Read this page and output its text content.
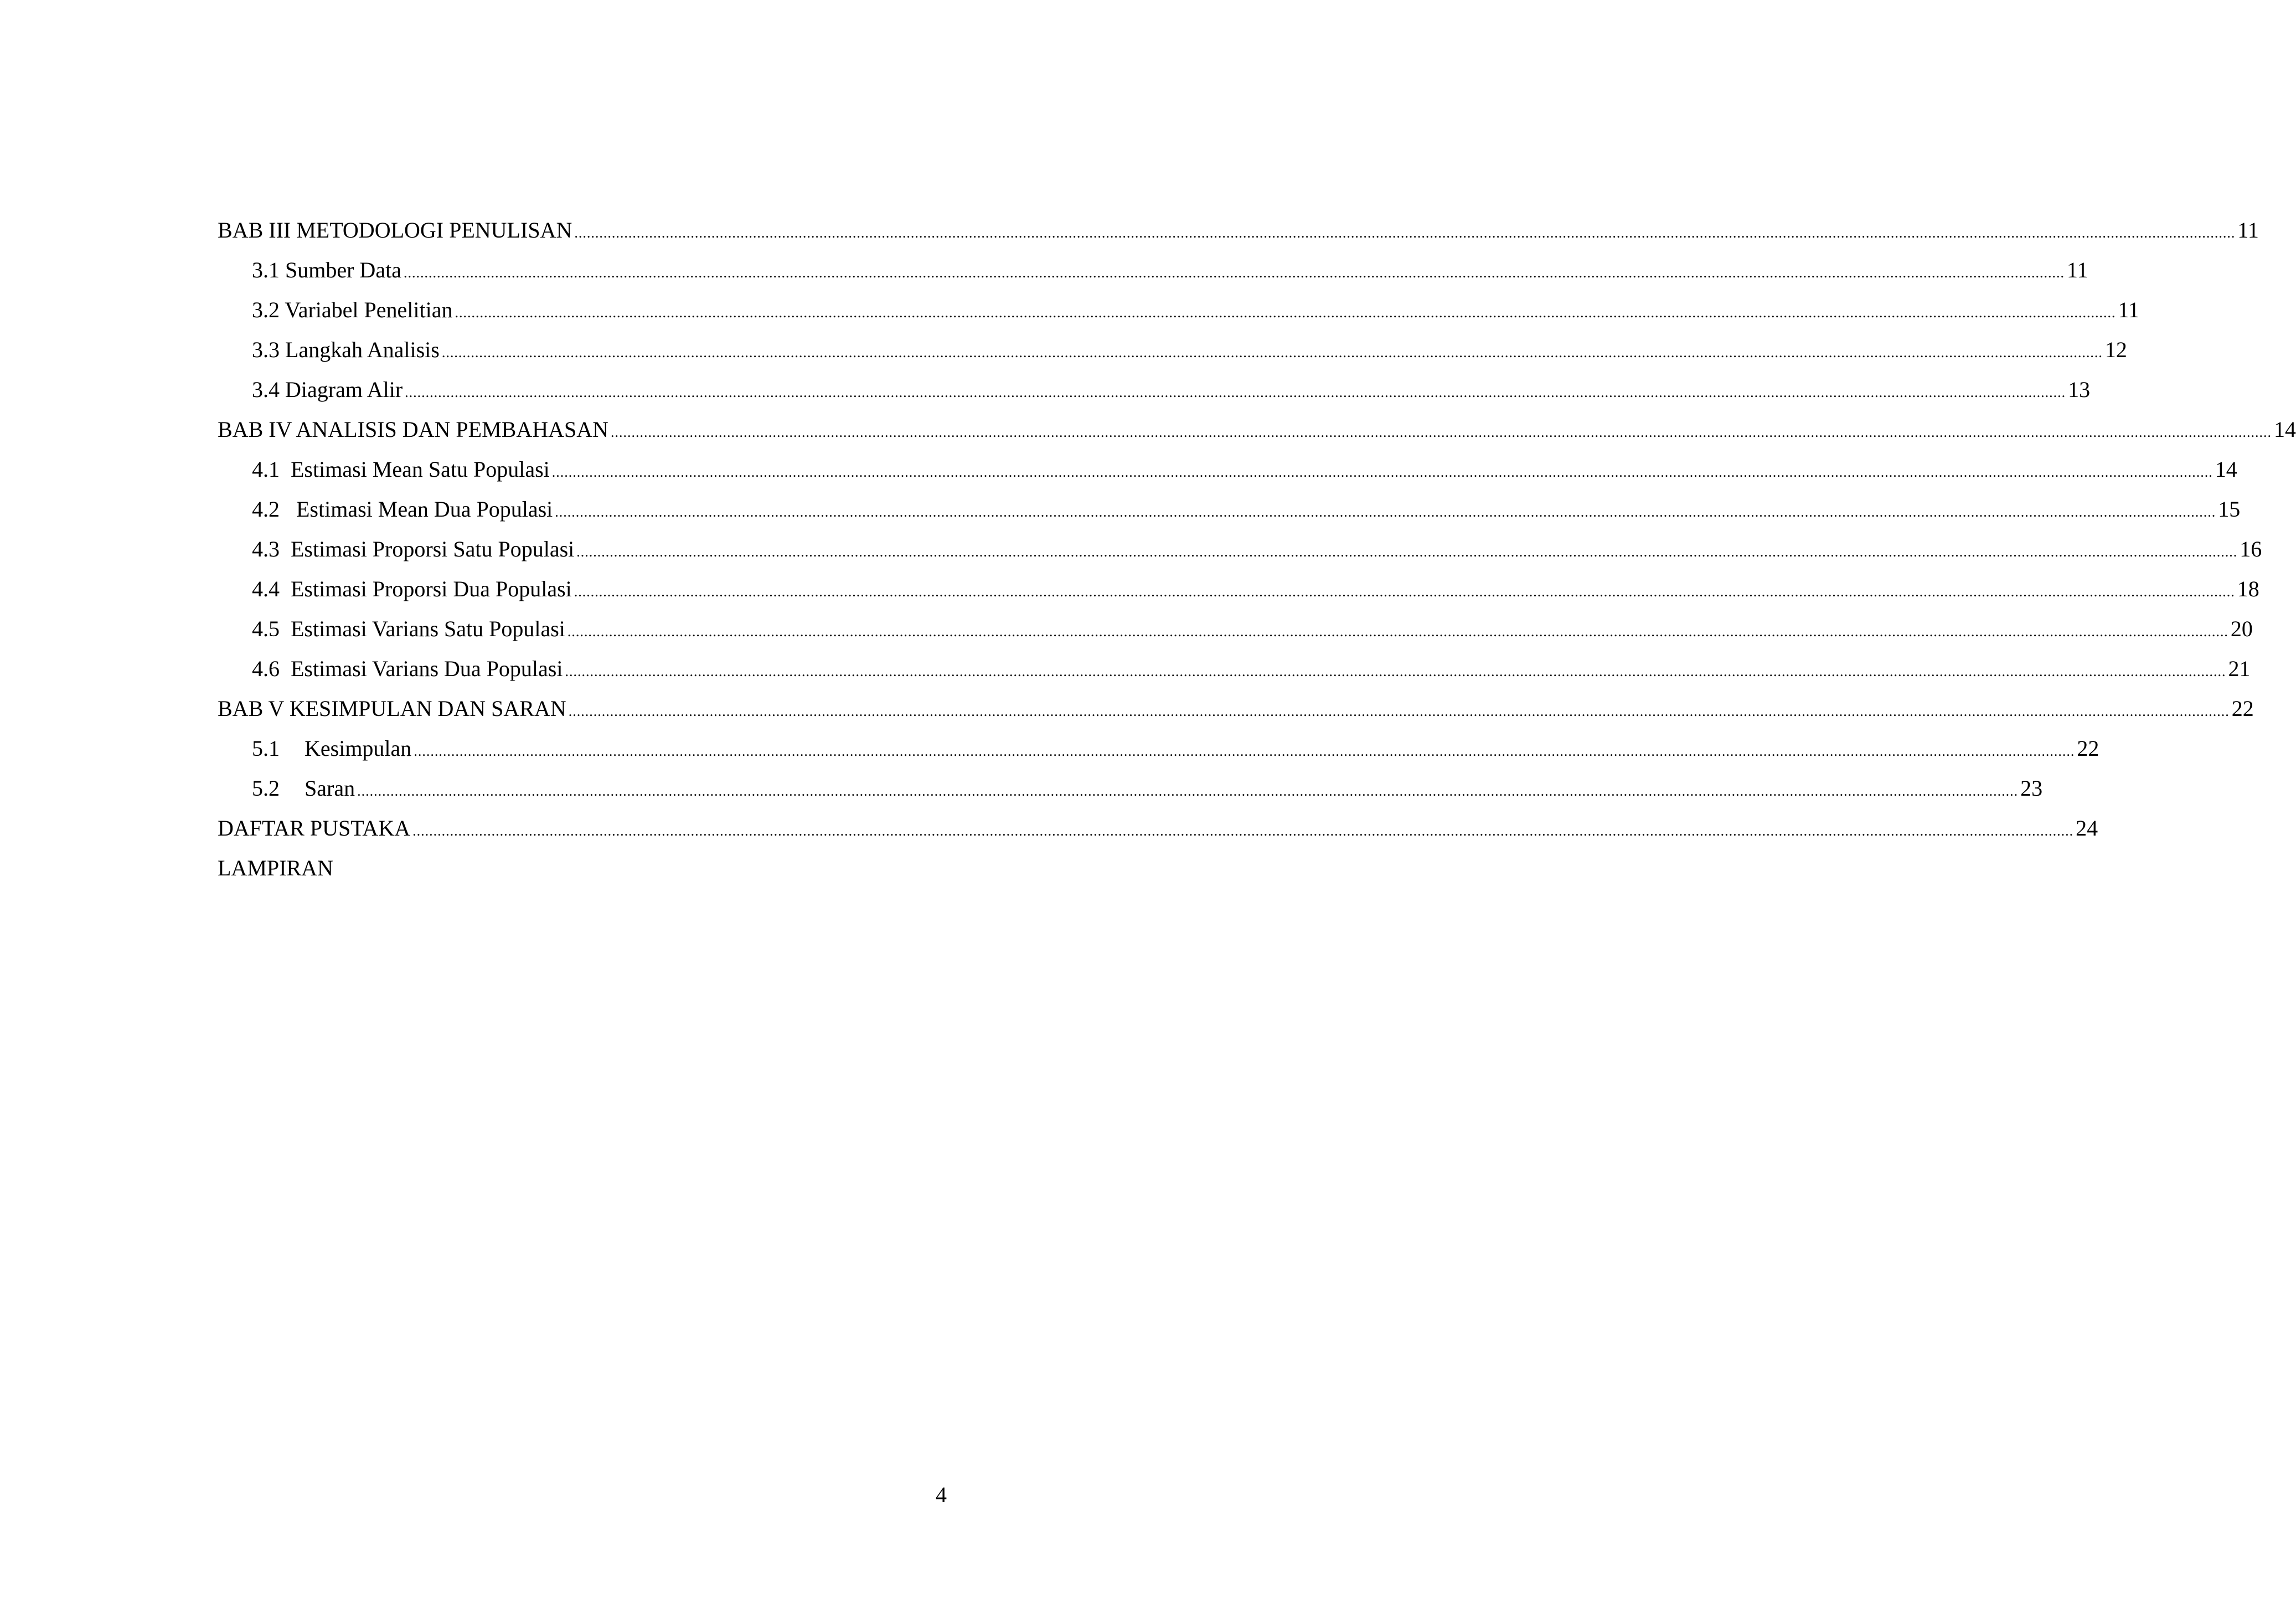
BAB III METODOLOGI PENULISAN ................................................................................................................................................................................................................................................................................................................................................................................................................ 11
3.1 Sumber Data ................................................................................................................................................................................................................................................................................................................................................................................................................ 11
3.2 Variabel Penelitian ................................................................................................................................................................................................................................................................................................................................................................................................................ 11
3.3 Langkah Analisis ................................................................................................................................................................................................................................................................................................................................................................................................................ 12
3.4 Diagram Alir ................................................................................................................................................................................................................................................................................................................................................................................................................ 13
BAB IV ANALISIS DAN PEMBAHASAN ................................................................................................................................................................................................................................................................................................................................................................................................................ 14
4.1 Estimasi Mean Satu Populasi ................................................................................................................................................................................................................................................................................................................................................................................................................ 14
4.2 Estimasi Mean Dua Populasi ................................................................................................................................................................................................................................................................................................................................................................................................................ 15
4.3 Estimasi Proporsi Satu Populasi ................................................................................................................................................................................................................................................................................................................................................................................................................ 16
4.4 Estimasi Proporsi Dua Populasi ................................................................................................................................................................................................................................................................................................................................................................................................................ 18
4.5 Estimasi Varians Satu Populasi ................................................................................................................................................................................................................................................................................................................................................................................................................ 20
4.6 Estimasi Varians Dua Populasi ................................................................................................................................................................................................................................................................................................................................................................................................................ 21
BAB V KESIMPULAN DAN SARAN ................................................................................................................................................................................................................................................................................................................................................................................................................ 22
5.1	Kesimpulan ................................................................................................................................................................................................................................................................................................................................................................................................................ 22
5.2	Saran ................................................................................................................................................................................................................................................................................................................................................................................................................ 23
DAFTAR PUSTAKA ................................................................................................................................................................................................................................................................................................................................................................................................................ 24
LAMPIRAN
4
